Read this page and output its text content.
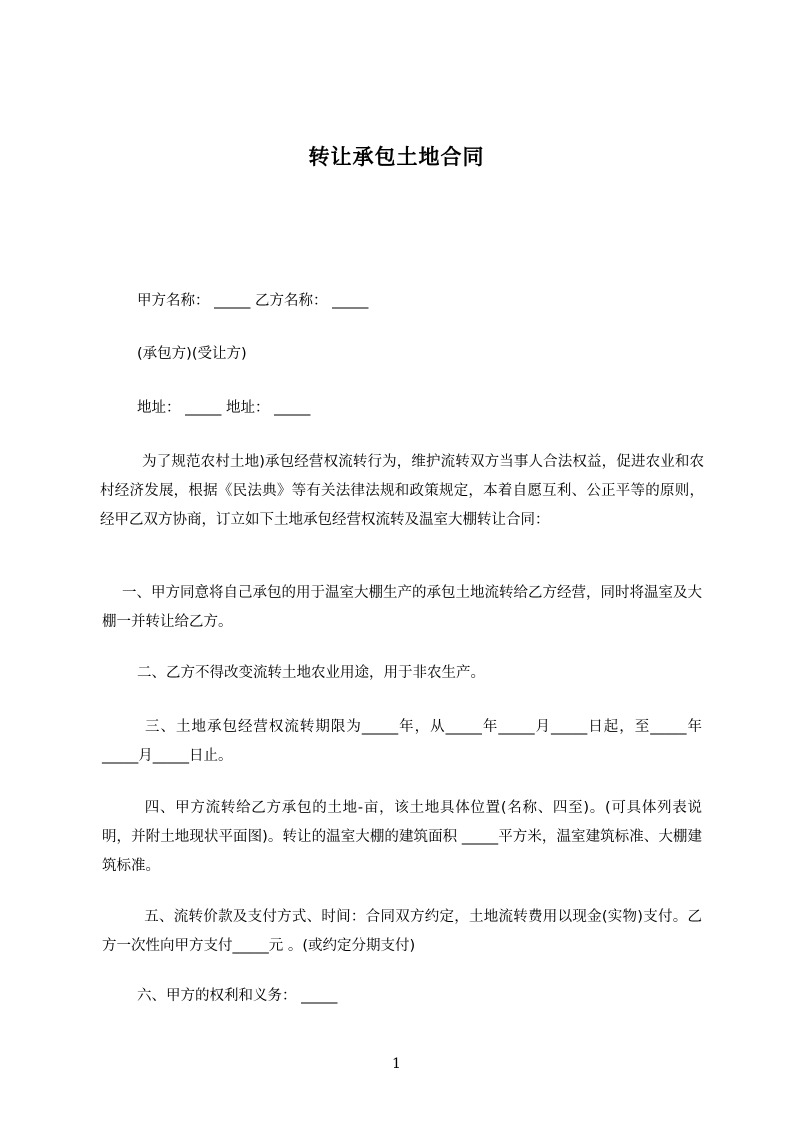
转让承包土地合同
甲方名称： _____ 乙方名称： _____
(承包方)(受让方)
地址： _____ 地址： _____
为了规范农村土地)承包经营权流转行为，维护流转双方当事人合法权益，促进农业和农村经济发展，根据《民法典》等有关法律法规和政策规定，本着自愿互利、公正平等的原则，经甲乙双方协商，订立如下土地承包经营权流转及温室大棚转让合同：
一、甲方同意将自己承包的用于温室大棚生产的承包土地流转给乙方经营，同时将温室及大棚一并转让给乙方。
二、乙方不得改变流转土地农业用途，用于非农生产。
三、土地承包经营权流转期限为_____年，从_____年_____月_____日起，至_____年_____月_____日止。
四、甲方流转给乙方承包的土地-亩，该土地具体位置(名称、四至)。(可具体列表说明，并附土地现状平面图)。转让的温室大棚的建筑面积 _____平方米，温室建筑标准、大棚建筑标准。
五、流转价款及支付方式、时间：合同双方约定，土地流转费用以现金(实物)支付。乙方一次性向甲方支付_____元 。(或约定分期支付)
六、甲方的权利和义务： _____
1
